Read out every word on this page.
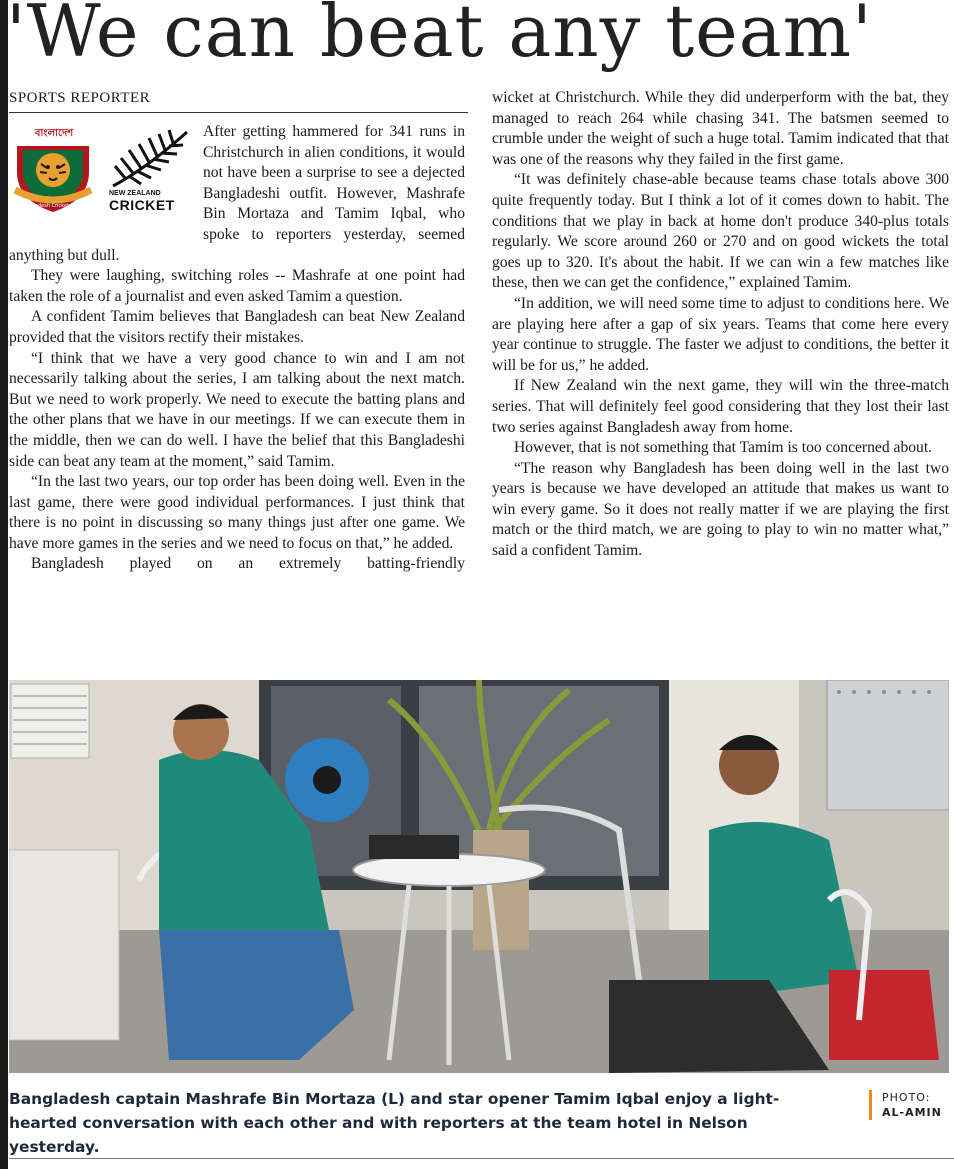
'We can beat any team'
SPORTS REPORTER
বাংলাদেশ
Bangladesh Cricket Board
NEW ZEALAND
CRICKET

After getting hammered for 341 runs in Christchurch in alien conditions, it would not have been a surprise to see a dejected Bangladeshi outfit. However, Mashrafe Bin Mortaza and Tamim Iqbal, who spoke to reporters yesterday, seemed anything but dull.

They were laughing, switching roles -- Mashrafe at one point had taken the role of a journalist and even asked Tamim a question.

A confident Tamim believes that Bangladesh can beat New Zealand provided that the visitors rectify their mistakes.

“I think that we have a very good chance to win and I am not necessarily talking about the series, I am talking about the next match. But we need to work properly. We need to execute the batting plans and the other plans that we have in our meetings. If we can execute them in the middle, then we can do well. I have the belief that this Bangladeshi side can beat any team at the moment,” said Tamim.

“In the last two years, our top order has been doing well. Even in the last game, there were good individual performances. I just think that there is no point in discussing so many things just after one game. We have more games in the series and we need to focus on that,” he added.

Bangladesh played on an extremely batting-friendly

wicket at Christchurch. While they did underperform with the bat, they managed to reach 264 while chasing 341. The batsmen seemed to crumble under the weight of such a huge total. Tamim indicated that that was one of the reasons why they failed in the first game.

“It was definitely chase-able because teams chase totals above 300 quite frequently today. But I think a lot of it comes down to habit. The conditions that we play in back at home don't produce 340-plus totals regularly. We score around 260 or 270 and on good wickets the total goes up to 320. It's about the habit. If we can win a few matches like these, then we can get the confidence,” explained Tamim.

“In addition, we will need some time to adjust to conditions here. We are playing here after a gap of six years. Teams that come here every year continue to struggle. The faster we adjust to conditions, the better it will be for us,” he added.

If New Zealand win the next game, they will win the three-match series. That will definitely feel good considering that they lost their last two series against Bangladesh away from home.

However, that is not something that Tamim is too concerned about.

“The reason why Bangladesh has been doing well in the last two years is because we have developed an attitude that makes us want to win every game. So it does not really matter if we are playing the first match or the third match, we are going to play to win no matter what,” said a confident Tamim.

Bangladesh captain Mashrafe Bin Mortaza (L) and star opener Tamim Iqbal enjoy a light-hearted conversation with each other and with reporters at the team hotel in Nelson yesterday.
PHOTO:
AL-AMIN
